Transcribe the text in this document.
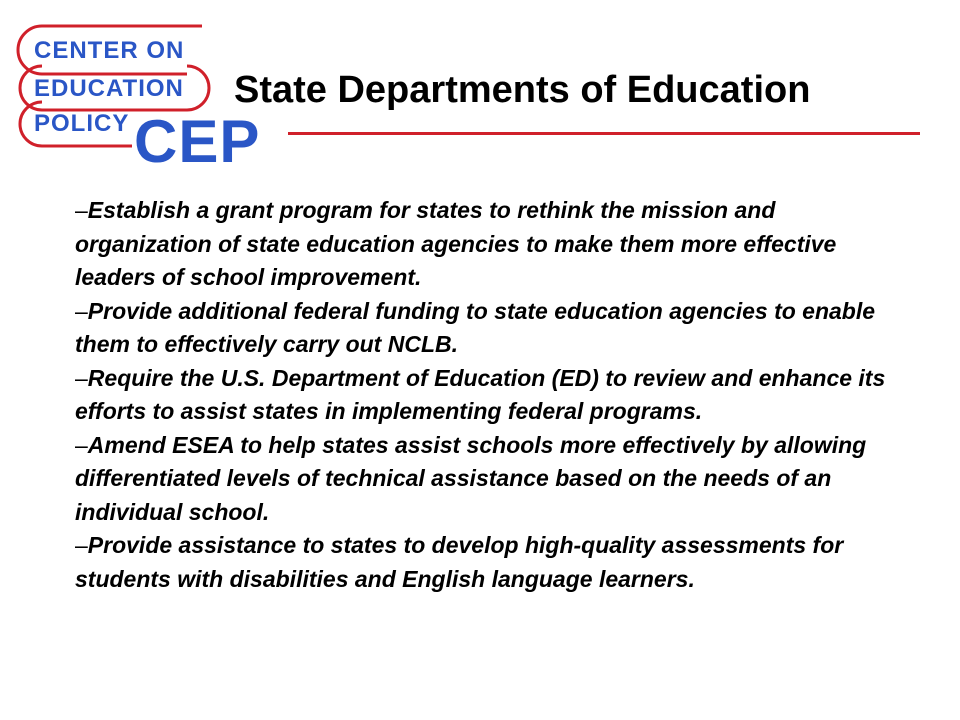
CENTER ON
EDUCATION
POLICY CEP
State Departments of Education
–Establish a grant program for states to rethink the mission and organization of state education agencies to make them more effective leaders of school improvement.
–Provide additional federal funding to state education agencies to enable them to effectively carry out NCLB.
–Require the U.S. Department of Education (ED) to review and enhance its efforts to assist states in implementing federal programs.
–Amend ESEA to help states assist schools more effectively by allowing differentiated levels of technical assistance based on the needs of an individual school.
–Provide assistance to states to develop high-quality assessments for students with disabilities and English language learners.
